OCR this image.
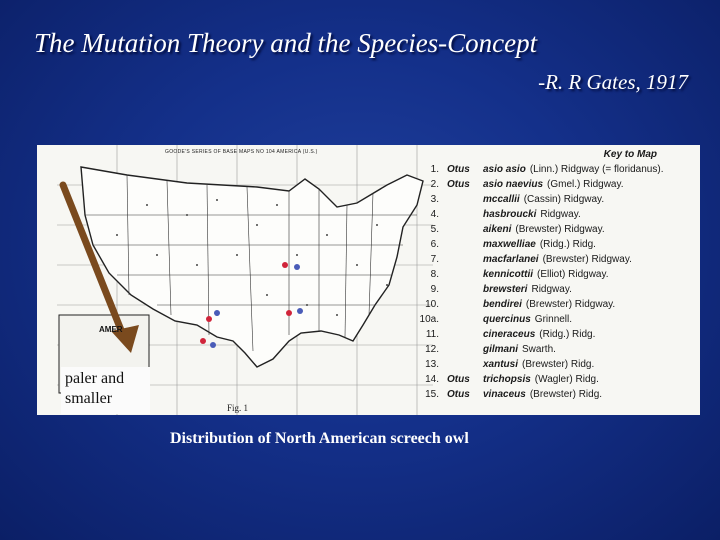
The Mutation Theory and the Species-Concept
-R. R Gates, 1917
GOODE'S SERIES OF BASE MAPS NO 104 AMERICA (U.S.)
AMER
Fig. 1
Key to Map
1. Otus	asio asio (Linn.) Ridgway (= floridanus).
2. Otus	asio naevius (Gmel.) Ridgway.
3.	mccallii (Cassin) Ridgway.
4.	hasbroucki Ridgway.
5.	aikeni (Brewster) Ridgway.
6.	maxwelliae (Ridg.) Ridg.
7.	macfarlanei (Brewster) Ridgway.
8.	kennicottii (Elliot) Ridgway.
9.	brewsteri Ridgway.
10.	bendirei (Brewster) Ridgway.
10a.	quercinus Grinnell.
11.	cineraceus (Ridg.) Ridg.
12.	gilmani Swarth.
13.	xantusi (Brewster) Ridg.
14. Otus	trichopsis (Wagler) Ridg.
15. Otus	vinaceus (Brewster) Ridg.
paler and smaller
Distribution of North American screech owl
